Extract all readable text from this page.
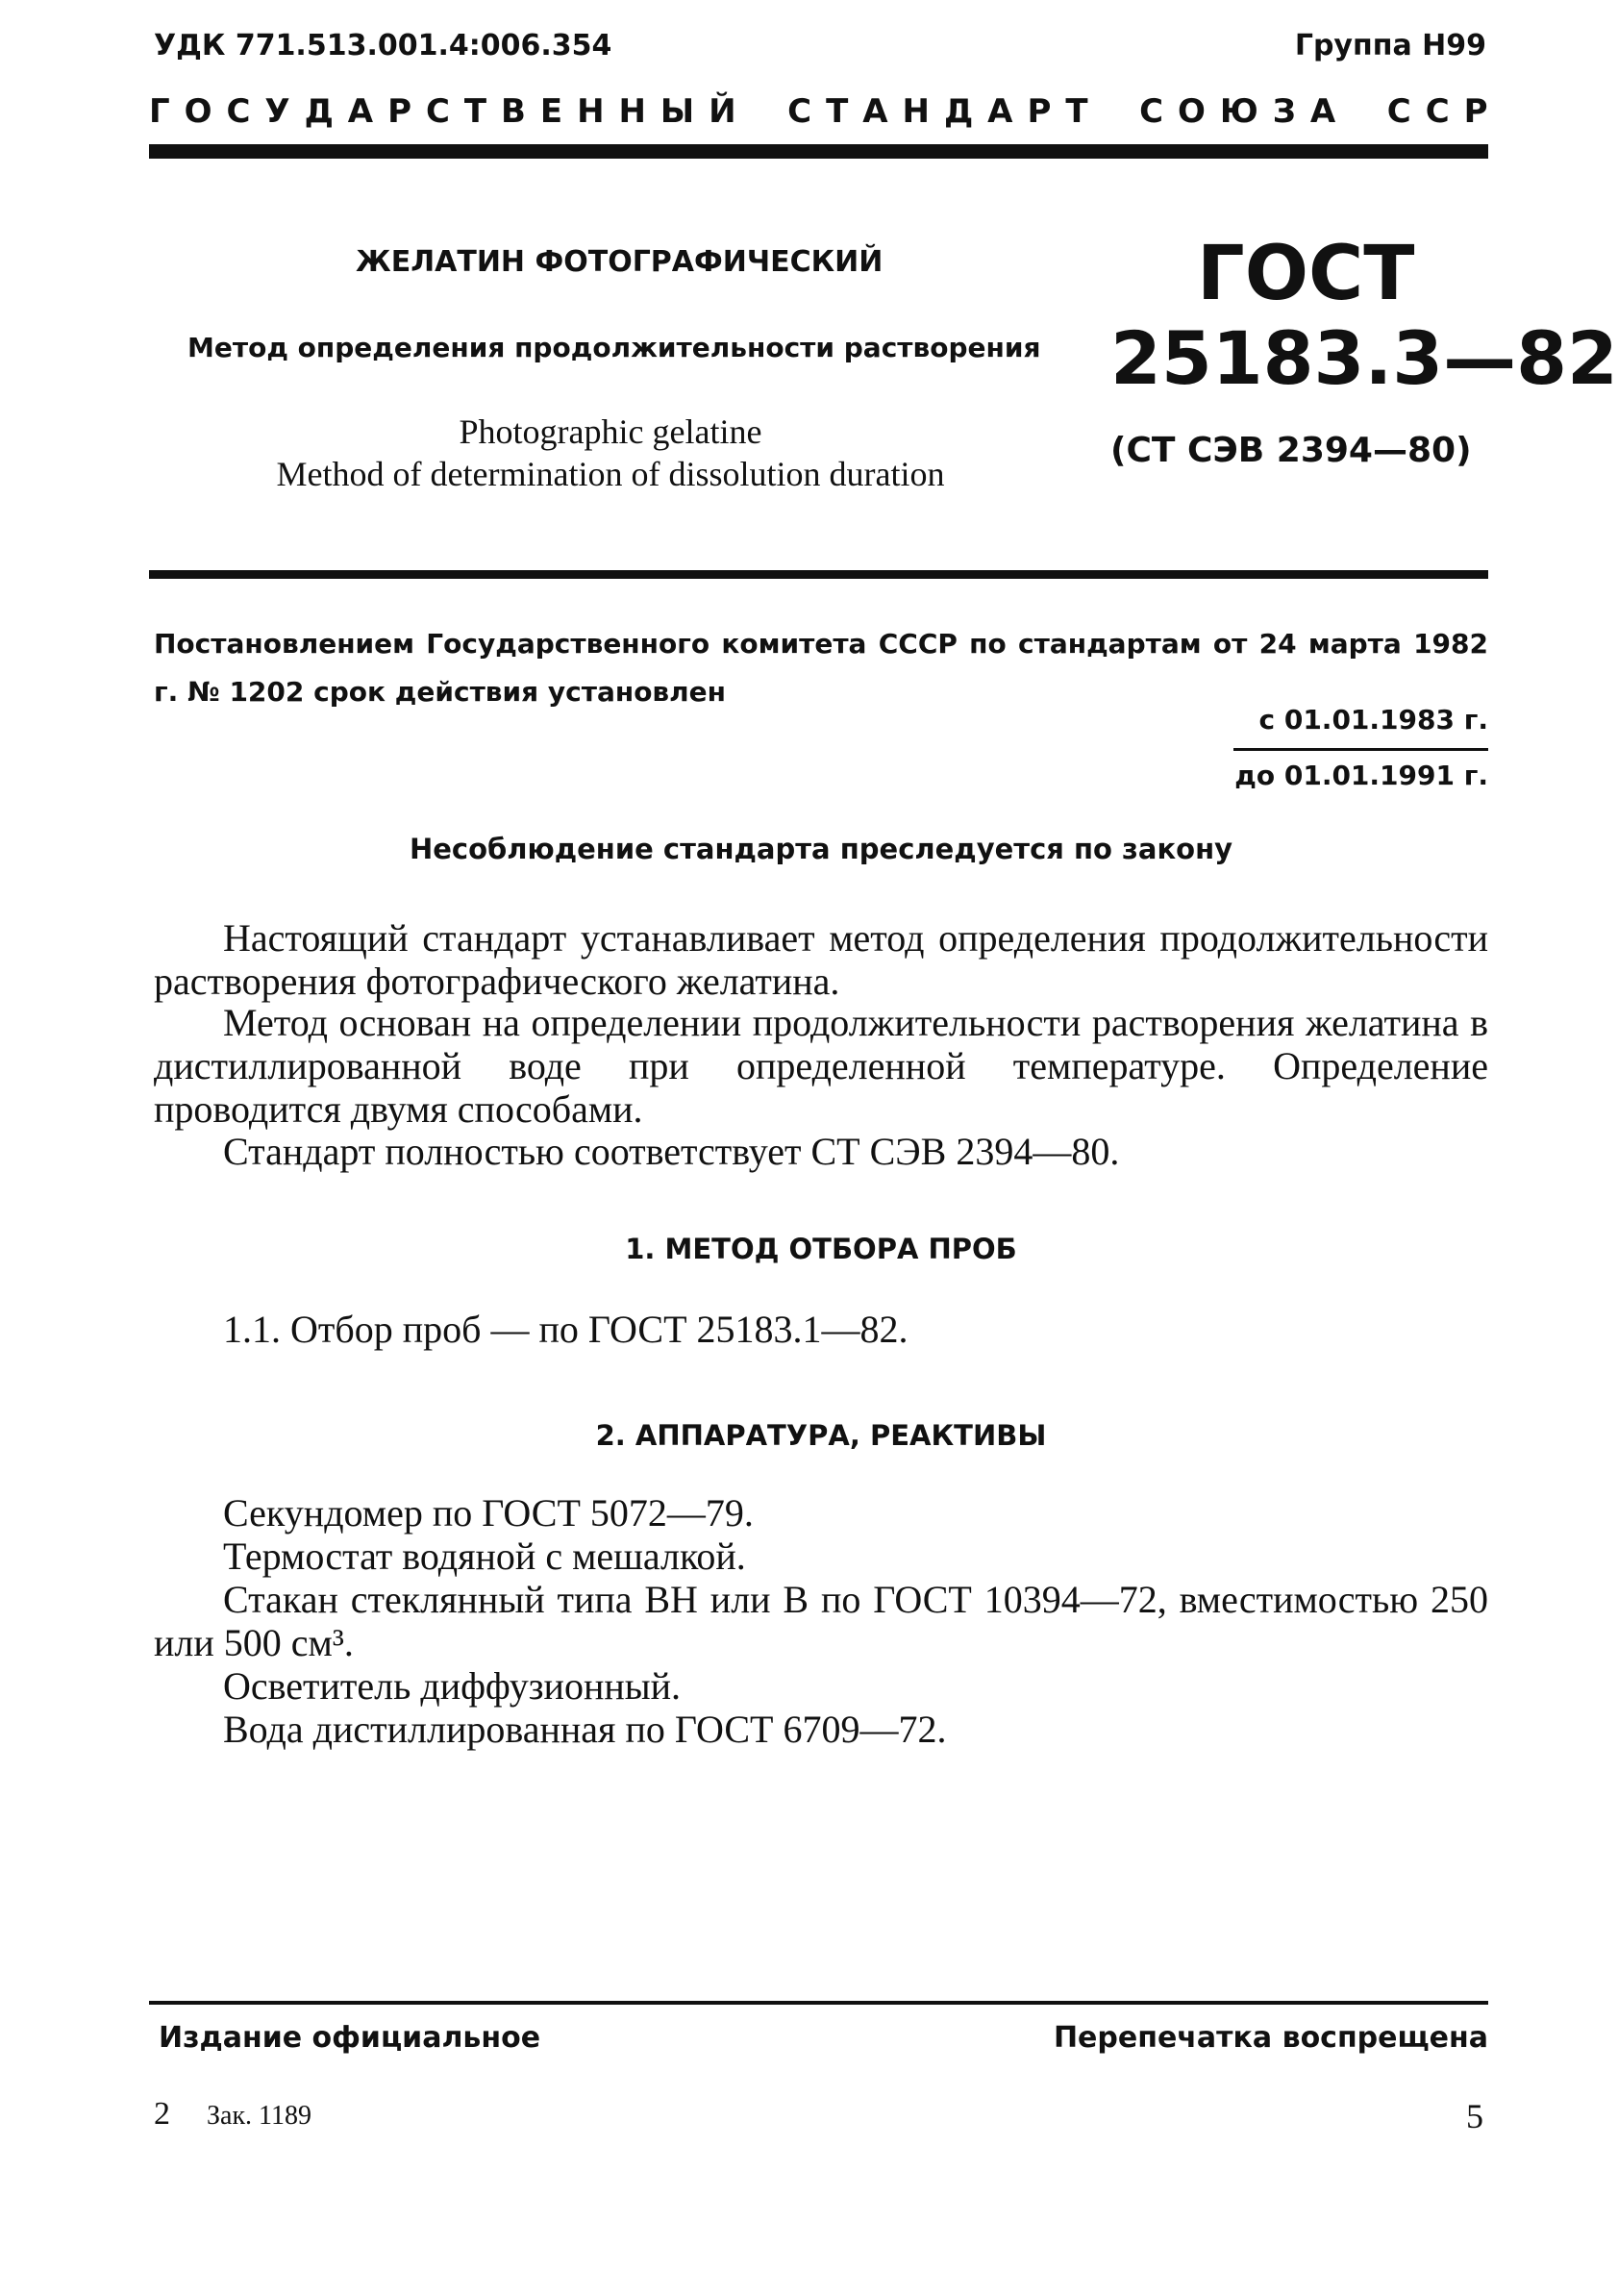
УДК 771.513.001.4:006.354	Группа Н99
Г О С У Д А Р С Т В Е Н Н Ы Й
С Т А Н Д А Р Т
С О Ю З А
С С Р
ЖЕЛАТИН ФОТОГРАФИЧЕСКИЙ
Метод определения продолжительности растворения
Photographic gelatine
Method of determination of dissolution duration
ГОСТ
25183.3—82
(СТ СЭВ 2394—80)
Постановлением Государственного комитета СССР по стандартам от 24 марта 1982 г. № 1202 срок действия установлен
с 01.01.1983 г.
до 01.01.1991 г.
Несоблюдение стандарта преследуется по закону
Настоящий стандарт устанавливает метод определения продолжительности растворения фотографического желатина.
Метод основан на определении продолжительности растворения желатина в дистиллированной воде при определенной температуре. Определение проводится двумя способами.
Стандарт полностью соответствует СТ СЭВ 2394—80.
1. МЕТОД ОТБОРА ПРОБ
1.1. Отбор проб — по ГОСТ 25183.1—82.
2. АППАРАТУРА, РЕАКТИВЫ
Секундомер по ГОСТ 5072—79.
Термостат водяной с мешалкой.
Стакан стеклянный типа ВН или В по ГОСТ 10394—72, вместимостью 250 или 500 см³.
Осветитель диффузионный.
Вода дистиллированная по ГОСТ 6709—72.
Издание официальное	Перепечатка воспрещена
2 Зак. 1189	5
